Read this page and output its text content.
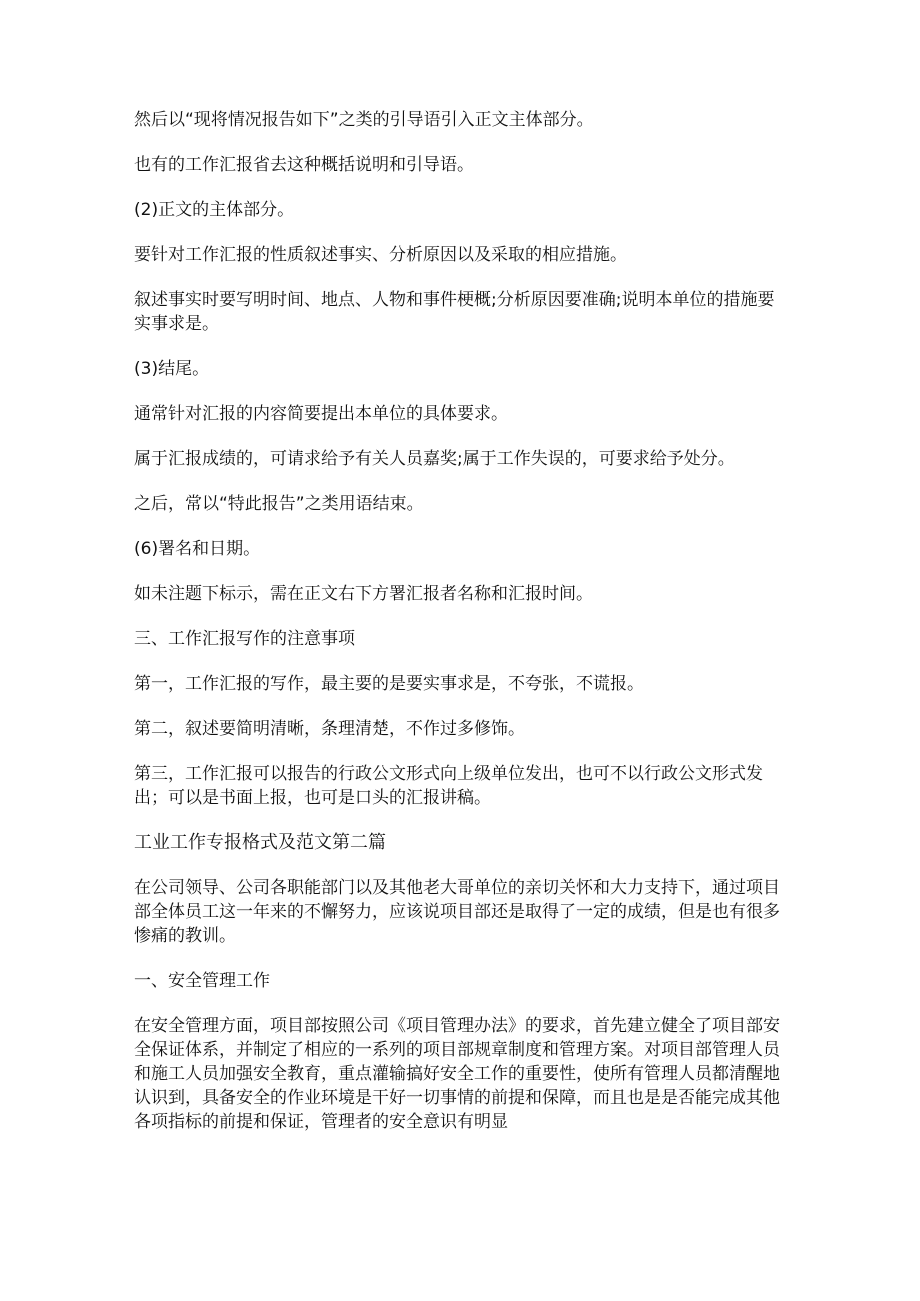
然后以“现将情况报告如下”之类的引导语引入正文主体部分。

也有的工作汇报省去这种概括说明和引导语。

(2)正文的主体部分。

要针对工作汇报的性质叙述事实、分析原因以及采取的相应措施。

叙述事实时要写明时间、地点、人物和事件梗概;分析原因要准确;说明本单位的措施要实事求是。

(3)结尾。

通常针对汇报的内容简要提出本单位的具体要求。

属于汇报成绩的，可请求给予有关人员嘉奖;属于工作失误的，可要求给予处分。

之后，常以“特此报告”之类用语结束。

(6)署名和日期。

如未注题下标示，需在正文右下方署汇报者名称和汇报时间。

三、工作汇报写作的注意事项

第一，工作汇报的写作，最主要的是要实事求是，不夸张，不谎报。

第二，叙述要简明清晰，条理清楚，不作过多修饰。

第三，工作汇报可以报告的行政公文形式向上级单位发出，也可不以行政公文形式发出；可以是书面上报，也可是口头的汇报讲稿。

工业工作专报格式及范文第二篇

在公司领导、公司各职能部门以及其他老大哥单位的亲切关怀和大力支持下，通过项目部全体员工这一年来的不懈努力，应该说项目部还是取得了一定的成绩，但是也有很多惨痛的教训。

一、安全管理工作

在安全管理方面，项目部按照公司《项目管理办法》的要求，首先建立健全了项目部安全保证体系，并制定了相应的一系列的项目部规章制度和管理方案。对项目部管理人员和施工人员加强安全教育，重点灌输搞好安全工作的重要性，使所有管理人员都清醒地认识到，具备安全的作业环境是干好一切事情的前提和保障，而且也是是否能完成其他各项指标的前提和保证，管理者的安全意识有明显
